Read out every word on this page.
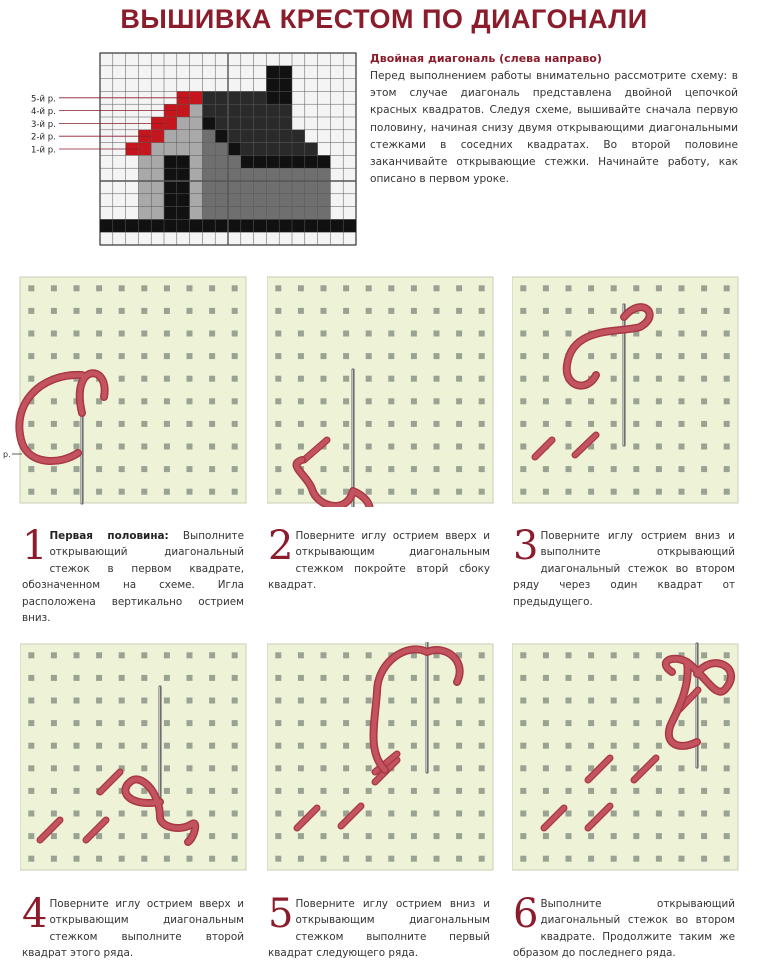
ВЫШИВКА КРЕСТОМ ПО ДИАГОНАЛИ
5-й р.
4-й р.
3-й р.
2-й р.
1-й р.
Двойная диагональ (слева направо)
Перед выполнением работы внимательно рассмотрите схему: в этом случае диагональ представлена двойной цепочкой красных квадратов. Следуя схеме, вышивайте сначала первую половину, начиная снизу двумя открывающими диагональными стежками в соседних квадратах. Во второй половине заканчивайте открывающие стежки. Начинайте работу, как описано в первом уроке.
р.
1 Первая половина: Выполните открывающий диагональный стежок в первом квадрате, обозначенном на схеме. Игла расположена вертикально острием вниз.
2 Поверните иглу острием вверх и открывающим диагональным стежком покройте вторй сбоку квадрат.
3 Поверните иглу острием вниз и выполните открывающий диагональный стежок во втором ряду через один квадрат от предыдущего.
4 Поверните иглу острием вверх и открывающим диагональным стежком выполните второй квадрат этого ряда.
5 Поверните иглу острием вниз и открывающим диагональным стежком выполните первый квадрат следующего ряда.
6 Выполните открывающий диагональный стежок во втором квадрате. Продолжите таким же образом до последнего ряда.
